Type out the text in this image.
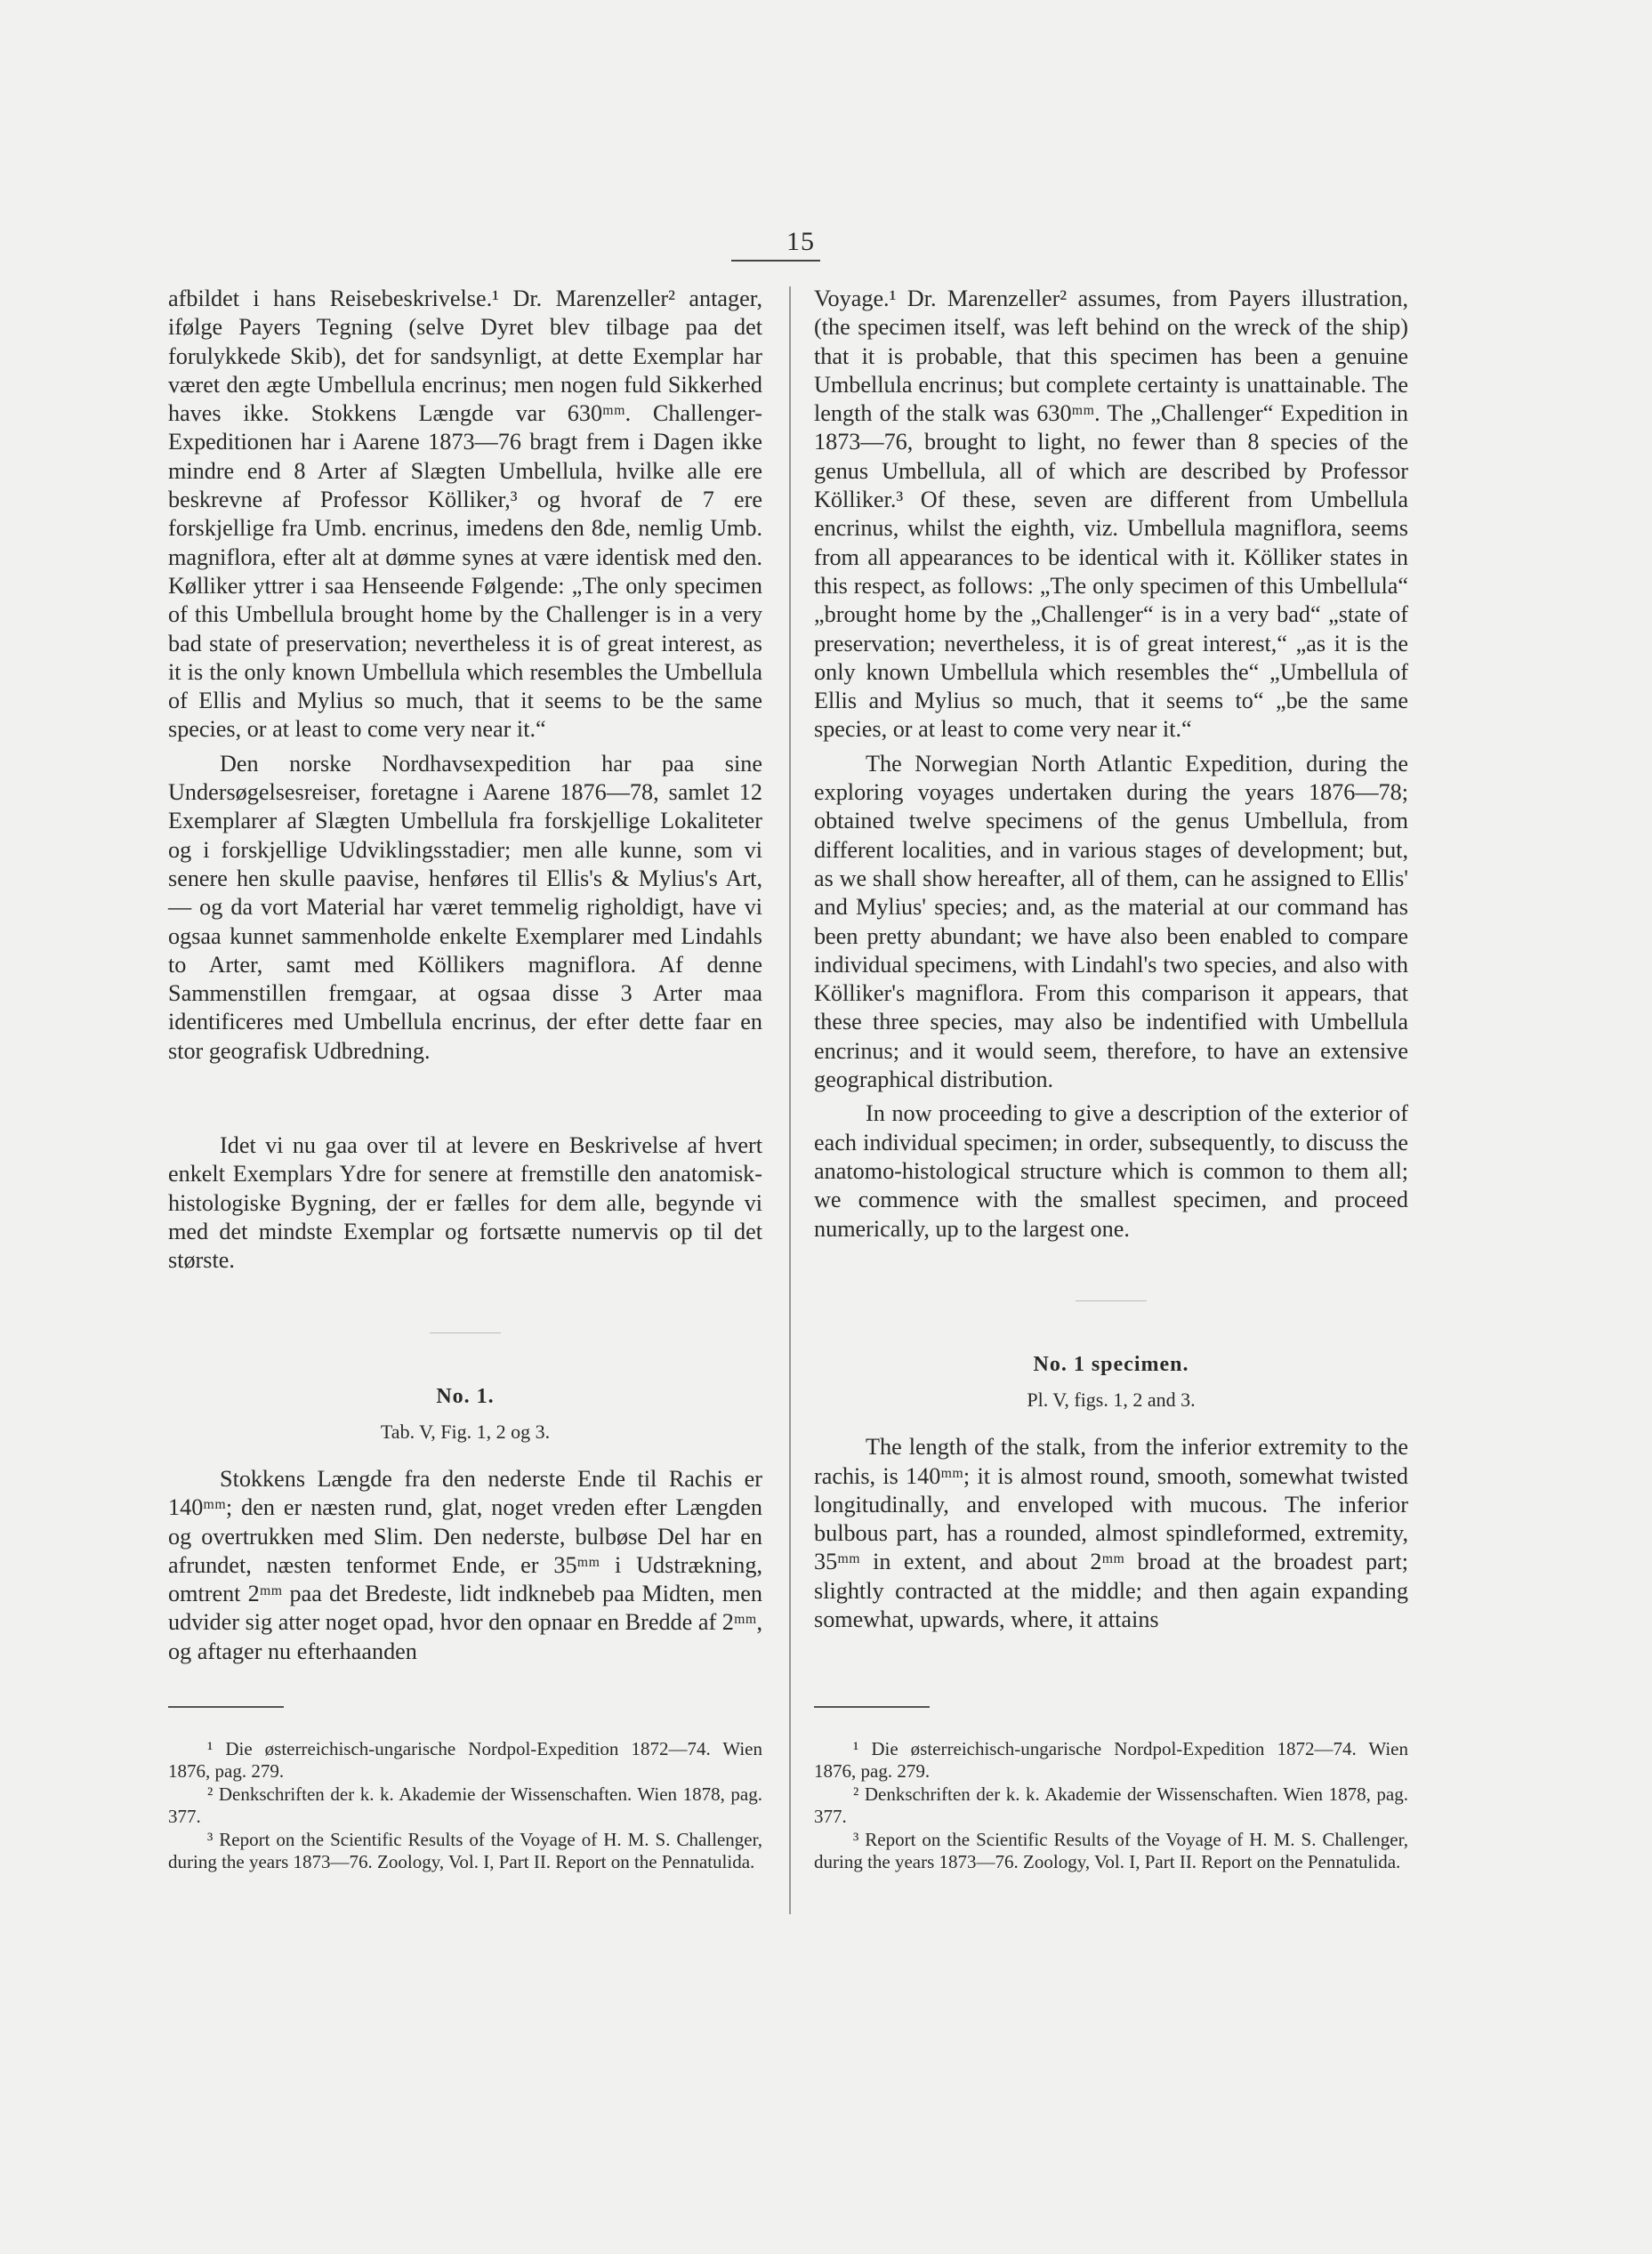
15

afbildet i hans Reisebeskrivelse.¹ Dr. Marenzeller² antager, ifølge Payers Tegning (selve Dyret blev tilbage paa det forulykkede Skib), det for sandsynligt, at dette Exemplar har været den ægte Umbellula encrinus; men nogen fuld Sikkerhed haves ikke. Stokkens Længde var 630ᵐᵐ. Challenger-Expeditionen har i Aarene 1873—76 bragt frem i Dagen ikke mindre end 8 Arter af Slægten Umbellula, hvilke alle ere beskrevne af Professor Kölliker,³ og hvoraf de 7 ere forskjellige fra Umb. encrinus, imedens den 8de, nemlig Umb. magniflora, efter alt at dømme synes at være identisk med den. Kølliker yttrer i saa Henseende Følgende: „The only specimen of this Umbellula brought home by the Challenger is in a very bad state of preservation; nevertheless it is of great interest, as it is the only known Umbellula which resembles the Umbellula of Ellis and Mylius so much, that it seems to be the same species, or at least to come very near it.“

Den norske Nordhavsexpedition har paa sine Undersøgelsesreiser, foretagne i Aarene 1876—78, samlet 12 Exemplarer af Slægten Umbellula fra forskjellige Lokaliteter og i forskjellige Udviklingsstadier; men alle kunne, som vi senere hen skulle paavise, henføres til Ellis's & Mylius's Art, — og da vort Material har været temmelig righoldigt, have vi ogsaa kunnet sammenholde enkelte Exemplarer med Lindahls to Arter, samt med Köllikers magniflora. Af denne Sammenstillen fremgaar, at ogsaa disse 3 Arter maa identificeres med Umbellula encrinus, der efter dette faar en stor geografisk Udbredning.

Idet vi nu gaa over til at levere en Beskrivelse af hvert enkelt Exemplars Ydre for senere at fremstille den anatomisk-histologiske Bygning, der er fælles for dem alle, begynde vi med det mindste Exemplar og fortsætte numervis op til det største.

No. 1.
Tab. V, Fig. 1, 2 og 3.

Stokkens Længde fra den nederste Ende til Rachis er 140ᵐᵐ; den er næsten rund, glat, noget vreden efter Længden og overtrukken med Slim. Den nederste, bulbøse Del har en afrundet, næsten tenformet Ende, er 35ᵐᵐ i Udstrækning, omtrent 2ᵐᵐ paa det Bredeste, lidt indknebeb paa Midten, men udvider sig atter noget opad, hvor den opnaar en Bredde af 2ᵐᵐ, og aftager nu efterhaanden

Voyage.¹ Dr. Marenzeller² assumes, from Payers illustration, (the specimen itself, was left behind on the wreck of the ship) that it is probable, that this specimen has been a genuine Umbellula encrinus; but complete certainty is unattainable. The length of the stalk was 630ᵐᵐ. The „Challenger“ Expedition in 1873—76, brought to light, no fewer than 8 species of the genus Umbellula, all of which are described by Professor Kölliker.³ Of these, seven are different from Umbellula encrinus, whilst the eighth, viz. Umbellula magniflora, seems from all appearances to be identical with it. Kölliker states in this respect, as follows: „The only specimen of this Umbellula“ „brought home by the „Challenger“ is in a very bad“ „state of preservation; nevertheless, it is of great interest,“ „as it is the only known Umbellula which resembles the“ „Umbellula of Ellis and Mylius so much, that it seems to“ „be the same species, or at least to come very near it.“

The Norwegian North Atlantic Expedition, during the exploring voyages undertaken during the years 1876—78; obtained twelve specimens of the genus Umbellula, from different localities, and in various stages of development; but, as we shall show hereafter, all of them, can he assigned to Ellis' and Mylius' species; and, as the material at our command has been pretty abundant; we have also been enabled to compare individual specimens, with Lindahl's two species, and also with Kölliker's magniflora. From this comparison it appears, that these three species, may also be indentified with Umbellula encrinus; and it would seem, therefore, to have an extensive geographical distribution.

In now proceeding to give a description of the exterior of each individual specimen; in order, subsequently, to discuss the anatomo-histological structure which is common to them all; we commence with the smallest specimen, and proceed numerically, up to the largest one.

No. 1 specimen.
Pl. V, figs. 1, 2 and 3.

The length of the stalk, from the inferior extremity to the rachis, is 140ᵐᵐ; it is almost round, smooth, somewhat twisted longitudinally, and enveloped with mucous. The inferior bulbous part, has a rounded, almost spindleformed, extremity, 35ᵐᵐ in extent, and about 2ᵐᵐ broad at the broadest part; slightly contracted at the middle; and then again expanding somewhat, upwards, where, it attains

¹ Die østerreichisch-ungarische Nordpol-Expedition 1872—74. Wien 1876, pag. 279.

² Denkschriften der k. k. Akademie der Wissenschaften. Wien 1878, pag. 377.

³ Report on the Scientific Results of the Voyage of H. M. S. Challenger, during the years 1873—76. Zoology, Vol. I, Part II. Report on the Pennatulida.

¹ Die østerreichisch-ungarische Nordpol-Expedition 1872—74. Wien 1876, pag. 279.

² Denkschriften der k. k. Akademie der Wissenschaften. Wien 1878, pag. 377.

³ Report on the Scientific Results of the Voyage of H. M. S. Challenger, during the years 1873—76. Zoology, Vol. I, Part II. Report on the Pennatulida.
